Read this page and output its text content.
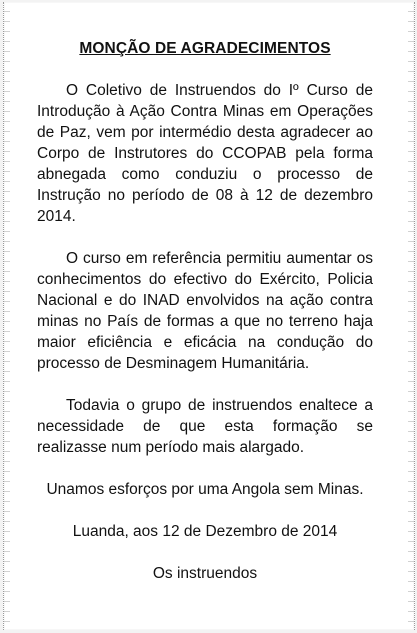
MONÇÃO DE AGRADECIMENTOS

O Coletivo de Instruendos do Iº Curso de Introdução à Ação Contra Minas em Operações de Paz, vem por intermédio desta agradecer ao Corpo de Instrutores do CCOPAB pela forma abnegada como conduziu o processo de Instrução no período de 08 à 12 de dezembro 2014.

O curso em referência permitiu aumentar os conhecimentos do efectivo do Exército, Policia Nacional e do INAD envolvidos na ação contra minas no País de formas a que no terreno haja maior eficiência e eficácia na condução do processo de Desminagem Humanitária.

Todavia o grupo de instruendos enaltece a necessidade de que esta formação se realizasse num período mais alargado.

Unamos esforços por uma Angola sem Minas.

Luanda, aos 12 de Dezembro de 2014

Os instruendos
